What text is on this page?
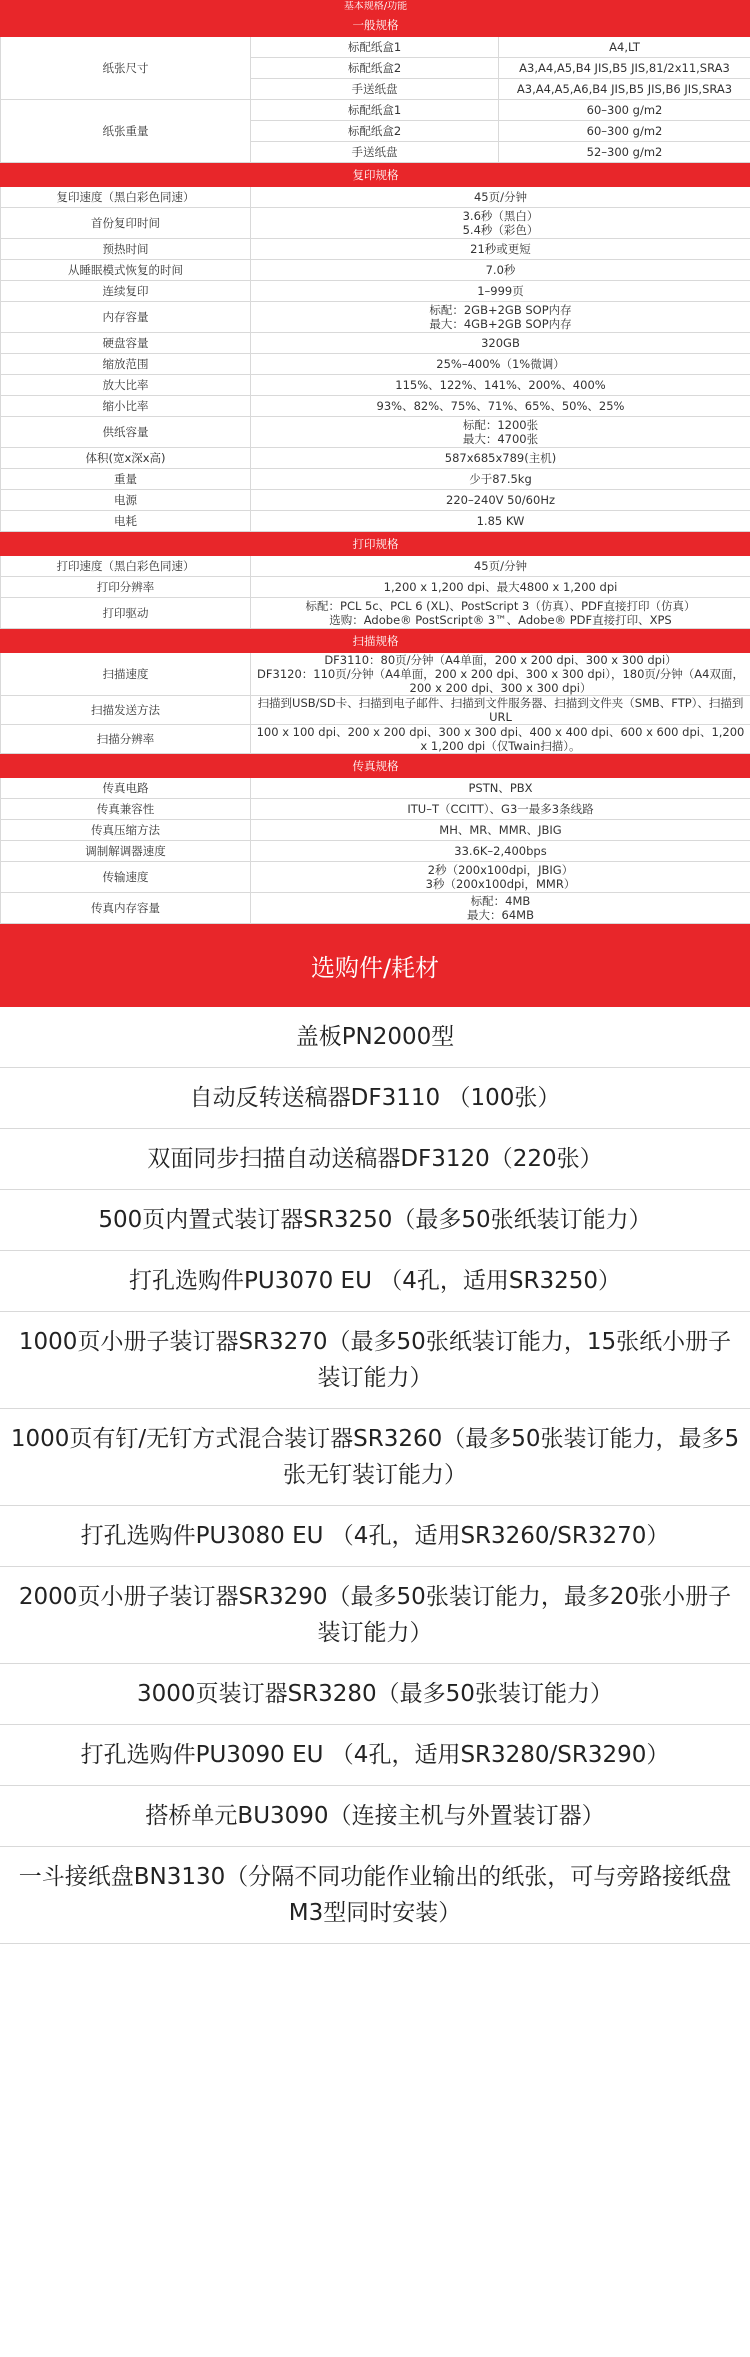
基本规格/功能		
一般规格		
纸张尺寸	标配纸盒1	A4,LT
	标配纸盒2	A3,A4,A5,B4 JIS,B5 JIS,81/2x11,SRA3
	手送纸盘	A3,A4,A5,A6,B4 JIS,B5 JIS,B6 JIS,SRA3
纸张重量	标配纸盒1	60–300 g/m2
	标配纸盒2	60–300 g/m2
	手送纸盘	52–300 g/m2
复印规格		
复印速度（黑白彩色同速）	45页/分钟	

首份复印时间	3.6秒（黑白）
5.4秒（彩色）	

预热时间	21秒或更短	

从睡眠模式恢复的时间	7.0秒	

连续复印	1–999页	

内存容量	标配：2GB+2GB SOP内存
最大：4GB+2GB SOP内存	

硬盘容量	320GB	

缩放范围	25%–400%（1%微调）	

放大比率	115%、122%、141%、200%、400%	

缩小比率	93%、82%、75%、71%、65%、50%、25%	

供纸容量	标配：1200张
最大：4700张	

体积(宽x深x高)	587x685x789(主机)	

重量	少于87.5kg	

电源	220–240V 50/60Hz	

电耗	1.85 KW	

打印规格		
打印速度（黑白彩色同速）	45页/分钟	

打印分辨率	1,200 x 1,200 dpi、最大4800 x 1,200 dpi	

打印驱动	标配：PCL 5c、PCL 6 (XL)、PostScript 3（仿真）、PDF直接打印（仿真）
选购：Adobe® PostScript® 3™、Adobe® PDF直接打印、XPS	

扫描规格		
扫描速度	DF3110：80页/分钟（A4单面，200 x 200 dpi、300 x 300 dpi）
DF3120：110页/分钟（A4单面，200 x 200 dpi、300 x 300 dpi），180页/分钟（A4双面，200 x 200 dpi、300 x 300 dpi）	

扫描发送方法	扫描到USB/SD卡、扫描到电子邮件、扫描到文件服务器、扫描到文件夹（SMB、FTP）、扫描到URL	

扫描分辨率	100 x 100 dpi、200 x 200 dpi、300 x 300 dpi、400 x 400 dpi、600 x 600 dpi、1,200 x 1,200 dpi（仅Twain扫描）。	

传真规格		
传真电路	PSTN、PBX	

传真兼容性	ITU–T（CCITT）、G3一最多3条线路	

传真压缩方法	MH、MR、MMR、JBIG	

调制解调器速度	33.6K–2,400bps	

传输速度	2秒（200x100dpi，JBIG）
3秒（200x100dpi，MMR）	

传真内存容量	标配：4MB
最大：64MB	
选购件/耗材
盖板PN2000型
自动反转送稿器DF3110 （100张）
双面同步扫描自动送稿器DF3120（220张）
500页内置式装订器SR3250（最多50张纸装订能力）
打孔选购件PU3070 EU （4孔，适用SR3250）
1000页小册子装订器SR3270（最多50张纸装订能力，15张纸小册子装订能力）
1000页有钉/无钉方式混合装订器SR3260（最多50张装订能力，最多5张无钉装订能力）
打孔选购件PU3080 EU （4孔，适用SR3260/SR3270）
2000页小册子装订器SR3290（最多50张装订能力，最多20张小册子装订能力）
3000页装订器SR3280（最多50张装订能力）
打孔选购件PU3090 EU （4孔，适用SR3280/SR3290）
搭桥单元BU3090（连接主机与外置装订器）
一斗接纸盘BN3130（分隔不同功能作业输出的纸张，可与旁路接纸盘M3型同时安装）
